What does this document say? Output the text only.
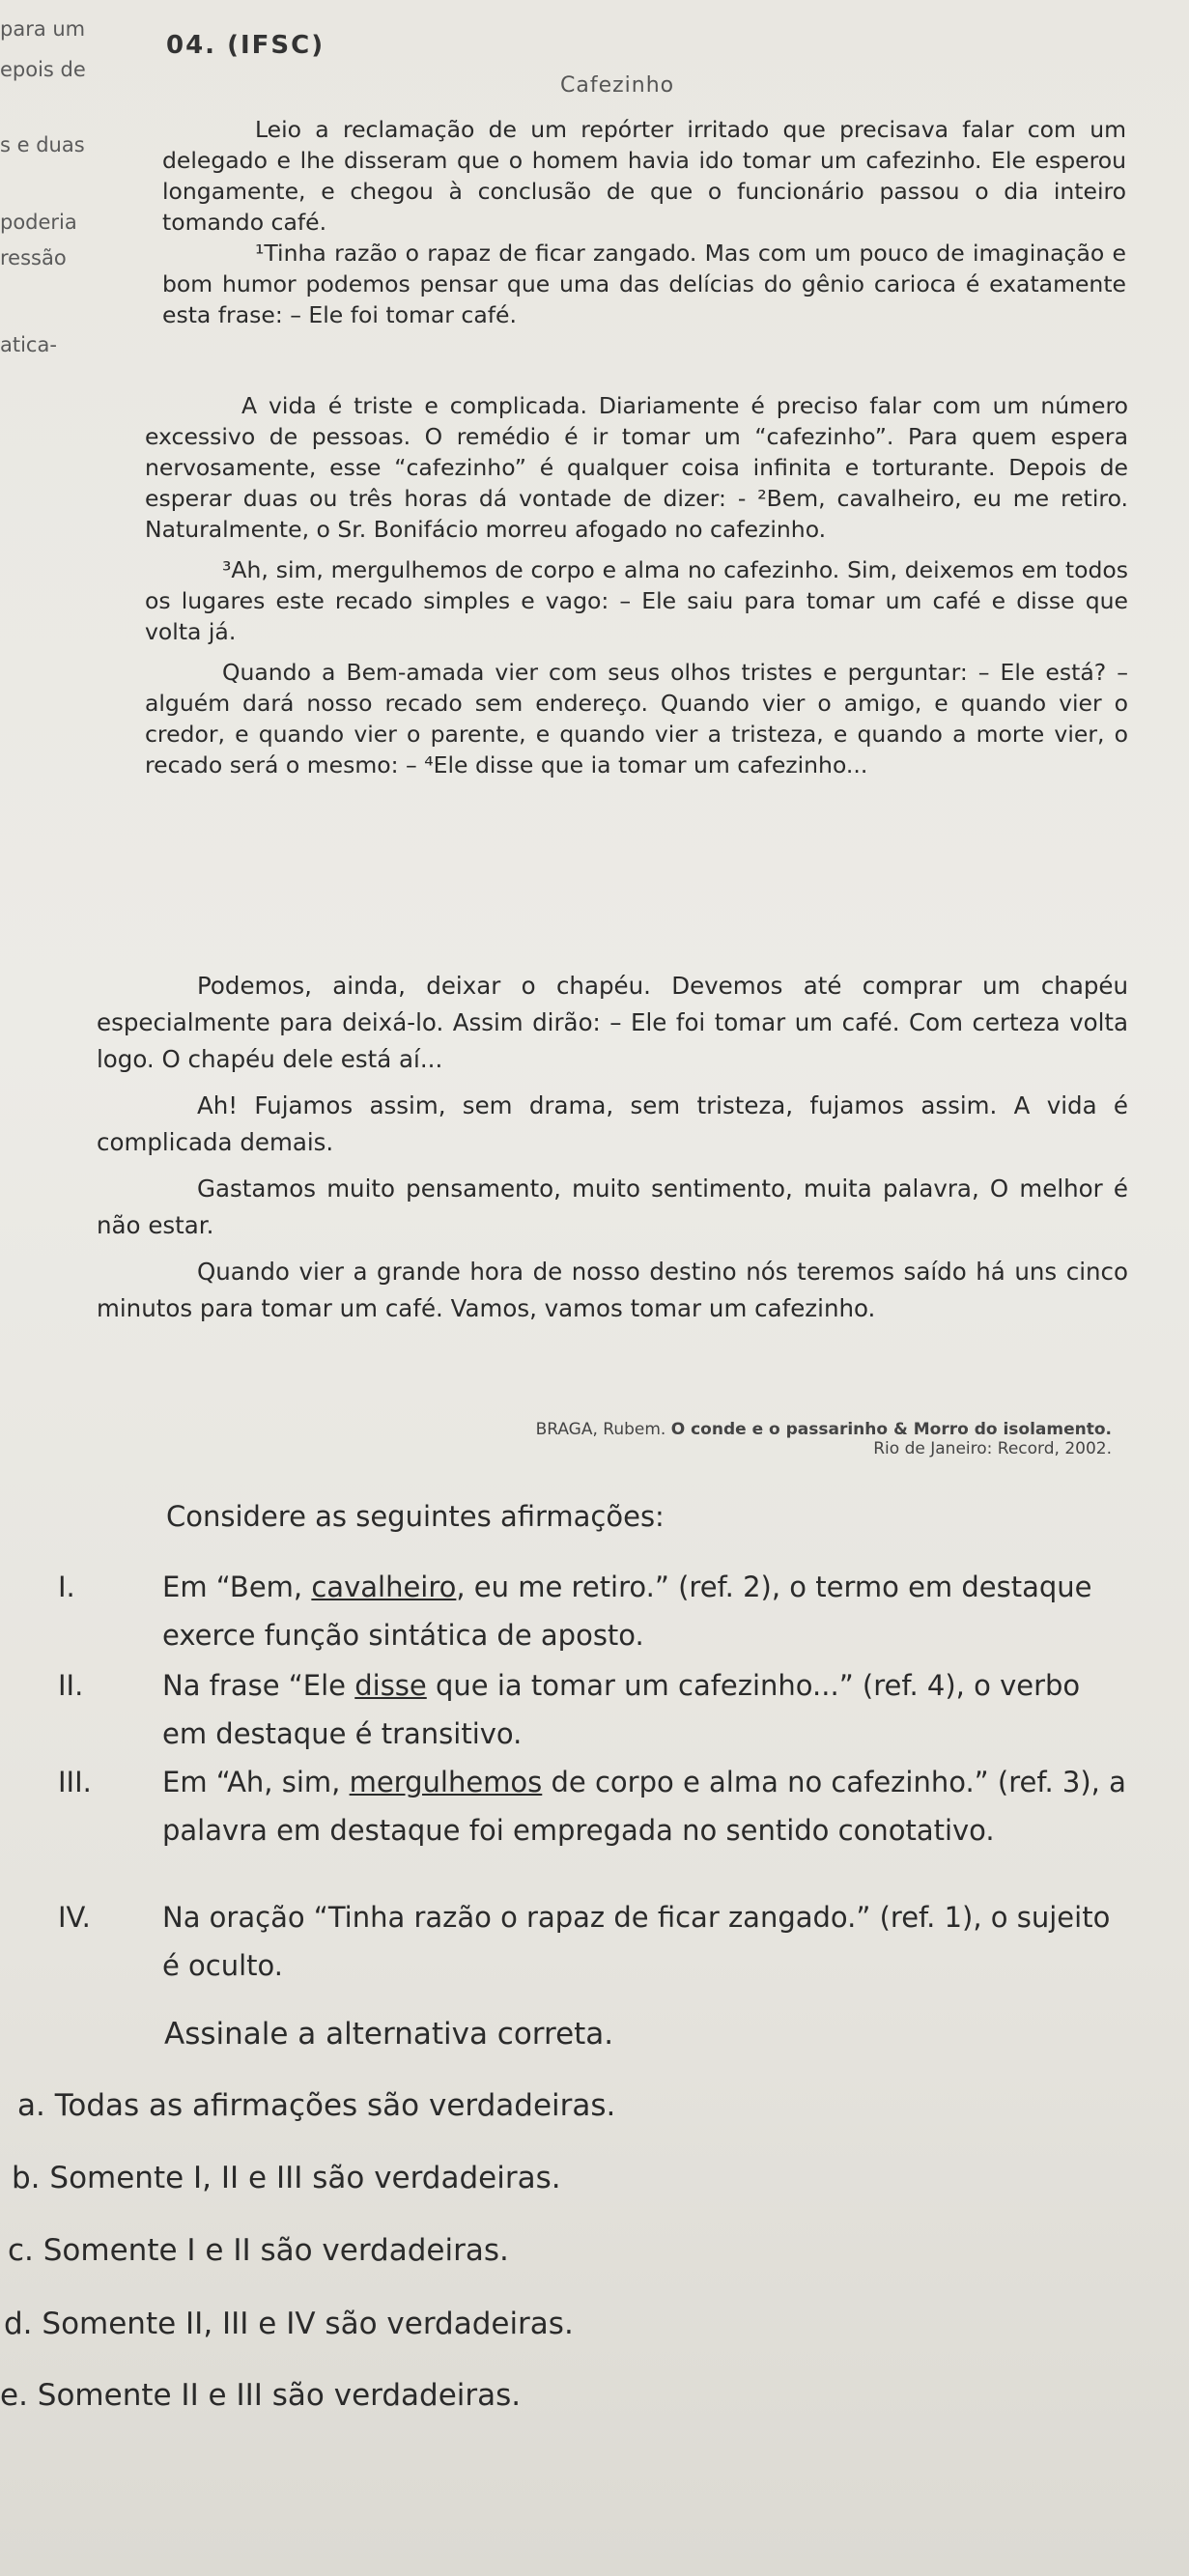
para um
epois de
s e duas
poderia
ressão
atica-
04. (IFSC)
Cafezinho

Leio a reclamação de um repórter irritado que precisava falar com um delegado e lhe disseram que o homem havia ido tomar um cafezinho. Ele esperou longamente, e chegou à conclusão de que o funcionário passou o dia inteiro tomando café.

¹Tinha razão o rapaz de ficar zangado. Mas com um pouco de imaginação e bom humor podemos pensar que uma das delícias do gênio carioca é exatamente esta frase: – Ele foi tomar café.

A vida é triste e complicada. Diariamente é preciso falar com um número excessivo de pessoas. O remédio é ir tomar um “cafezinho”. Para quem espera nervosamente, esse “cafezinho” é qualquer coisa infinita e torturante. Depois de esperar duas ou três horas dá vontade de dizer: - ²Bem, cavalheiro, eu me retiro. Naturalmente, o Sr. Bonifácio morreu afogado no cafezinho.

³Ah, sim, mergulhemos de corpo e alma no cafezinho. Sim, deixemos em todos os lugares este recado simples e vago: – Ele saiu para tomar um café e disse que volta já.

Quando a Bem-amada vier com seus olhos tristes e perguntar: – Ele está? – alguém dará nosso recado sem endereço. Quando vier o amigo, e quando vier o credor, e quando vier o parente, e quando vier a tristeza, e quando a morte vier, o recado será o mesmo: – ⁴Ele disse que ia tomar um cafezinho...

Podemos, ainda, deixar o chapéu. Devemos até comprar um chapéu especialmente para deixá-lo. Assim dirão: – Ele foi tomar um café. Com certeza volta logo. O chapéu dele está aí...

Ah! Fujamos assim, sem drama, sem tristeza, fujamos assim. A vida é complicada demais.

Gastamos muito pensamento, muito sentimento, muita palavra, O melhor é não estar.

Quando vier a grande hora de nosso destino nós teremos saído há uns cinco minutos para tomar um café. Vamos, vamos tomar um cafezinho.

BRAGA, Rubem. O conde e o passarinho & Morro do isolamento.
Rio de Janeiro: Record, 2002.
Considere as seguintes afirmações:
I.	Em “Bem, cavalheiro, eu me retiro.” (ref. 2), o termo em destaque exerce função sintática de aposto.
II.	Na frase “Ele disse que ia tomar um cafezinho...” (ref. 4), o verbo em destaque é transitivo.
III.	Em “Ah, sim, mergulhemos de corpo e alma no cafezinho.” (ref. 3), a palavra em destaque foi empregada no sentido conotativo.
IV.	Na oração “Tinha razão o rapaz de ficar zangado.” (ref. 1), o sujeito é oculto.
Assinale a alternativa correta.
a. Todas as afirmações são verdadeiras.
b. Somente I, II e III são verdadeiras.
c. Somente I e II são verdadeiras.
d. Somente II, III e IV são verdadeiras.
e. Somente II e III são verdadeiras.
